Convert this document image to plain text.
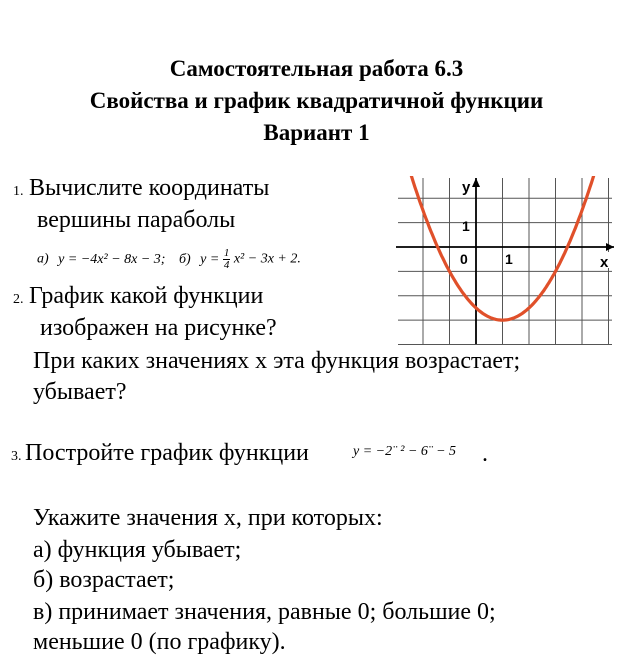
Самостоятельная работа 6.3
Свойства и график квадратичной функции
Вариант 1
1. Вычислите координаты
вершины параболы
а) y = −4x² − 8x − 3; б) $y = \frac{1}{4} x^2 - 3x + 2$.
2. График какой функции
изображен на рисунке?
При каких значениях x эта функция возрастает;
убывает?
3. Постройте график функции	y = −2¨ ² − 6¨ − 5 .
Укажите значения x, при которых:
а) функция убывает;
б) возрастает;
в) принимает значения, равные 0; большие 0;
меньшие 0 (по графику).
y
x
0	1
1
